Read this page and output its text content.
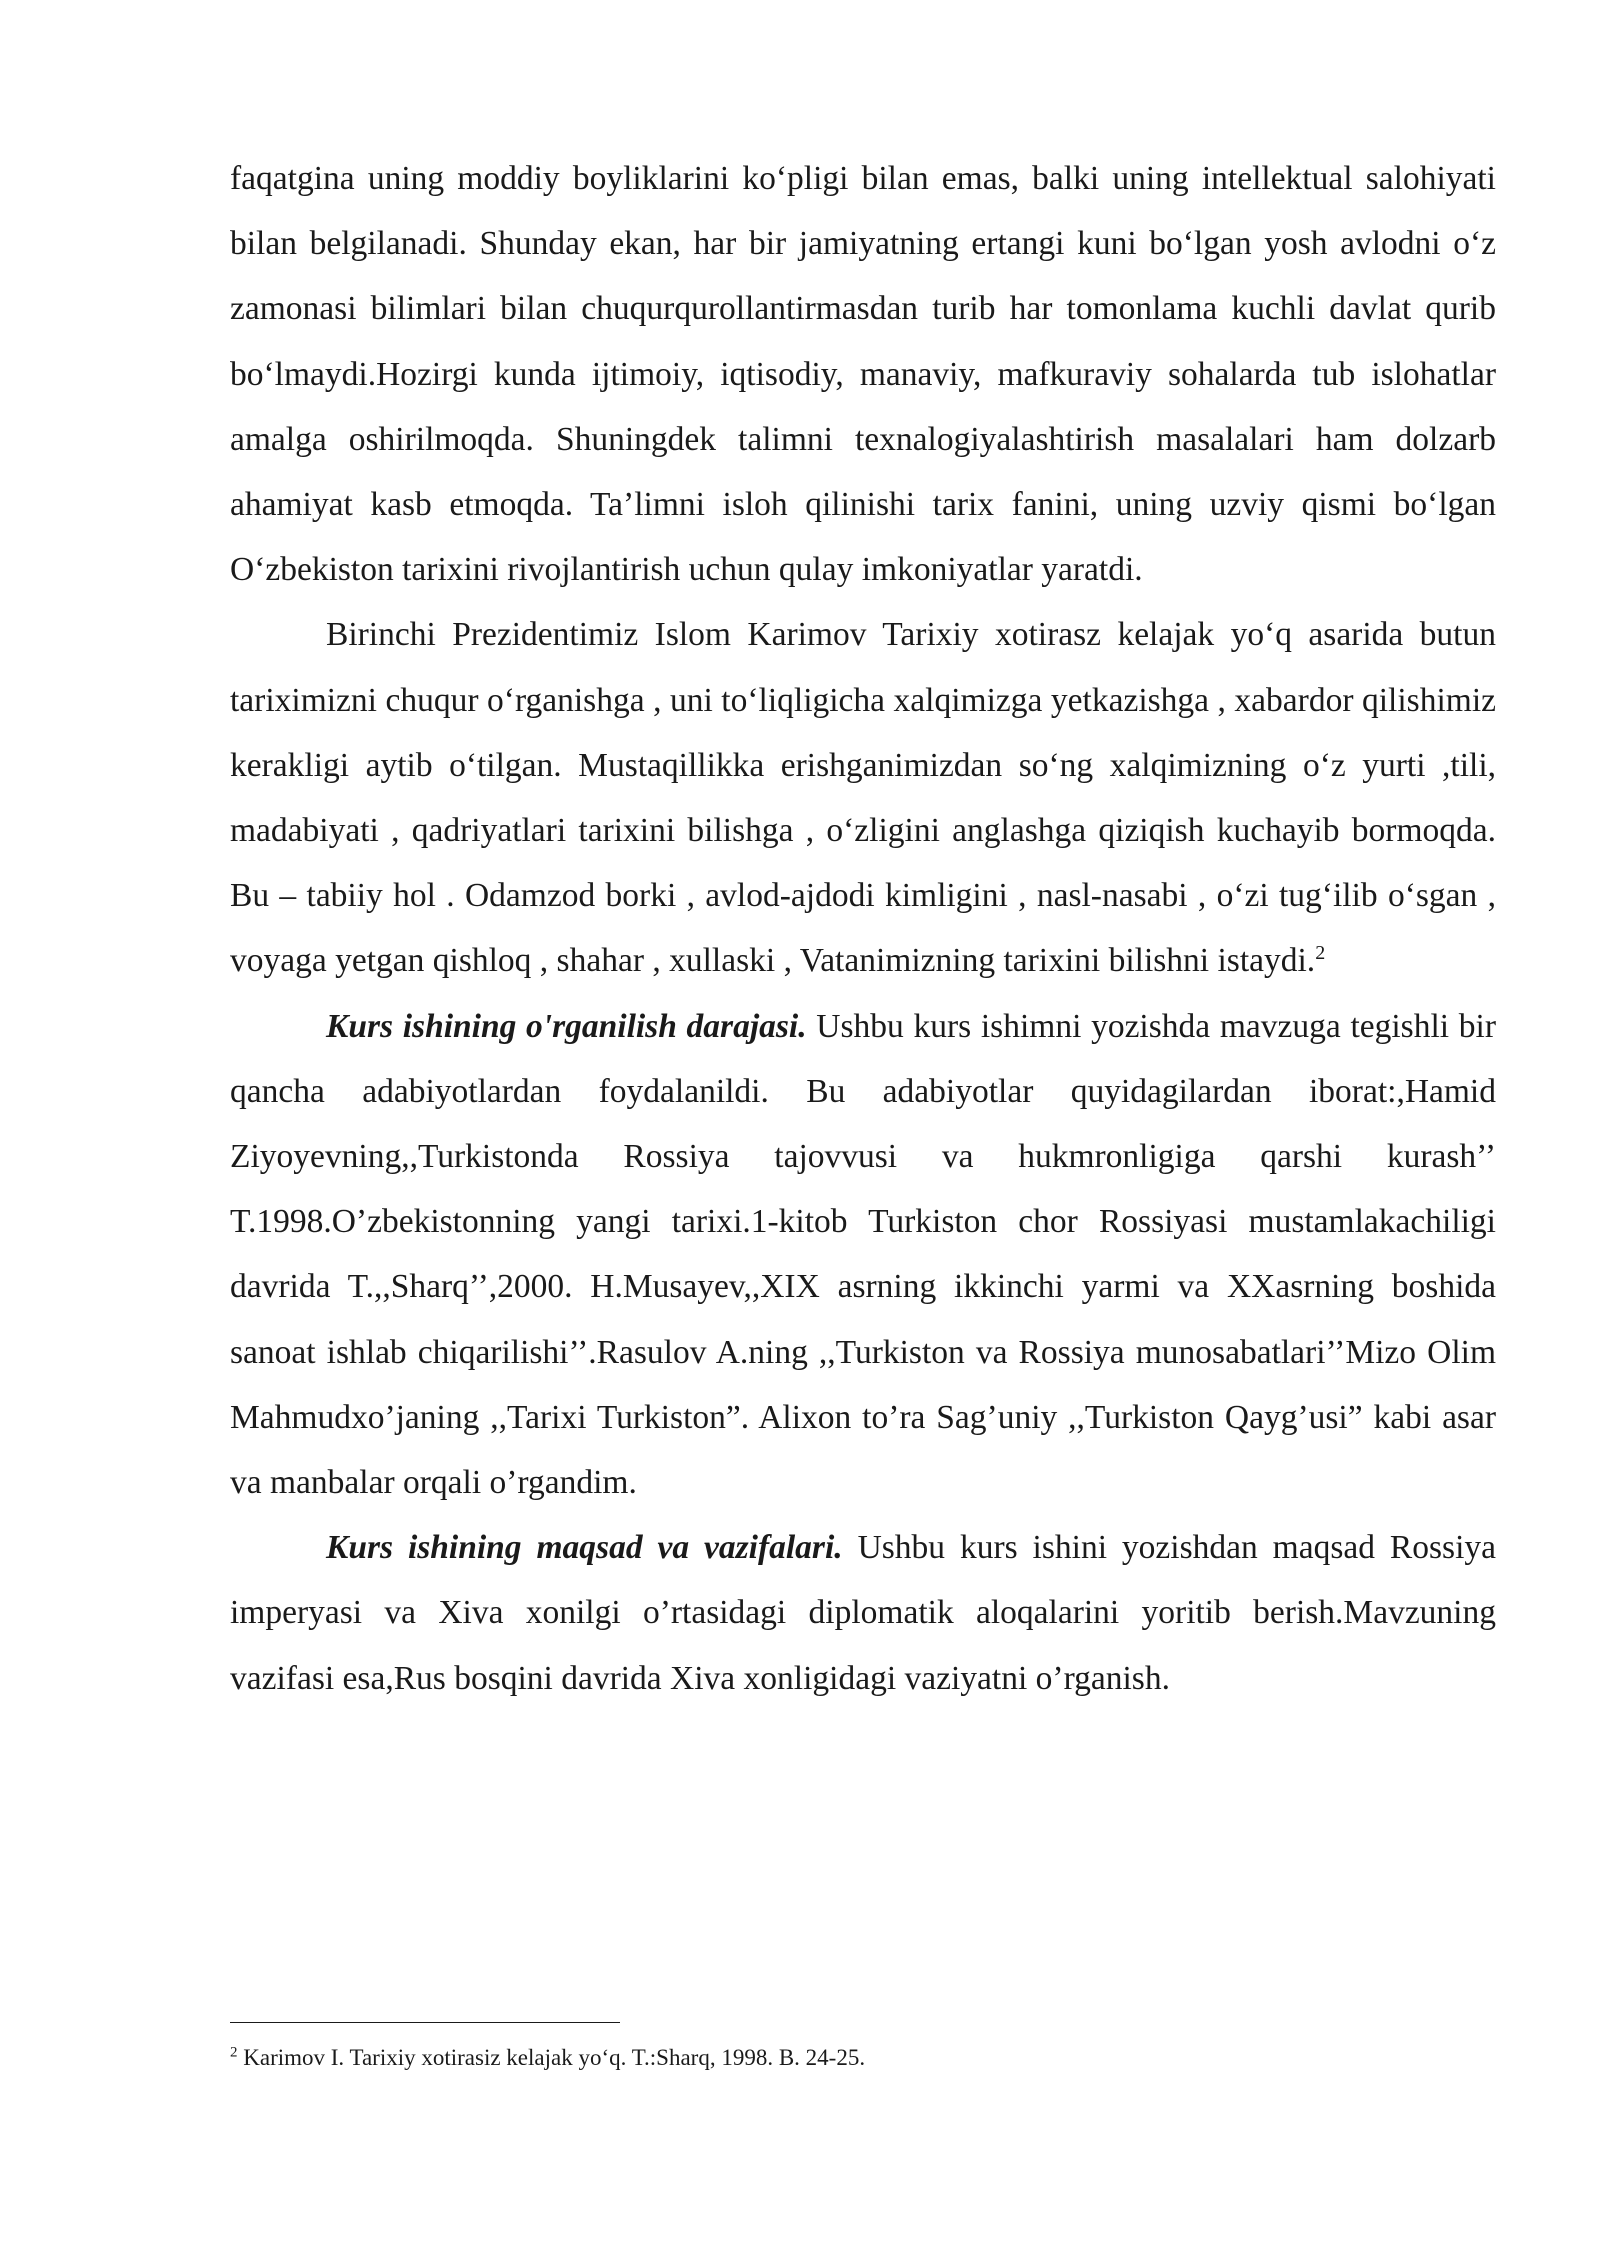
faqatgina uning moddiy boyliklarini ko‘pligi bilan emas, balki uning intellektual salohiyati bilan belgilanadi. Shunday ekan, har bir jamiyatning ertangi kuni bo‘lgan yosh avlodni o‘z zamonasi bilimlari bilan chuqurqurollantirmasdan turib har tomonlama kuchli davlat qurib bo‘lmaydi.Hozirgi kunda ijtimoiy, iqtisodiy, manaviy, mafkuraviy sohalarda tub islohatlar amalga oshirilmoqda. Shuningdek talimni texnalogiyalashtirish masalalari ham dolzarb ahamiyat kasb etmoqda. Ta’limni isloh qilinishi tarix fanini, uning uzviy qismi bo‘lgan O‘zbekiston tarixini rivojlantirish uchun qulay imkoniyatlar yaratdi.

Birinchi Prezidentimiz Islom Karimov Tarixiy xotirasz kelajak yo‘q asarida butun tariximizni chuqur o‘rganishga , uni to‘liqligicha xalqimizga yetkazishga , xabardor qilishimiz kerakligi aytib o‘tilgan. Mustaqillikka erishganimizdan so‘ng xalqimizning o‘z yurti ,tili, madabiyati , qadriyatlari tarixini bilishga , o‘zligini anglashga qiziqish kuchayib bormoqda. Bu – tabiiy hol . Odamzod borki , avlod-ajdodi kimligini , nasl-nasabi , o‘zi tug‘ilib o‘sgan , voyaga yetgan qishloq , shahar , xullaski , Vatanimizning tarixini bilishni istaydi.$^2$

Kurs ishining o'rganilish darajasi. Ushbu kurs ishimni yozishda mavzuga tegishli bir qancha adabiyotlardan foydalanildi. Bu adabiyotlar quyidagilardan iborat:,Hamid Ziyoyevning,,Turkistonda Rossiya tajovvusi va hukmronligiga qarshi kurash’’ T.1998.O’zbekistonning yangi tarixi.1-kitob Turkiston chor Rossiyasi mustamlakachiligi davrida T.,,Sharq’’,2000. H.Musayev,,XIX asrning ikkinchi yarmi va XXasrning boshida sanoat ishlab chiqarilishi’’.Rasulov A.ning ,,Turkiston va Rossiya munosabatlari’’Mizo Olim Mahmudxo’janing ,,Tarixi Turkiston”. Alixon to’ra Sag’uniy ,,Turkiston Qayg’usi” kabi asar va manbalar orqali o’rgandim.

Kurs ishining maqsad va vazifalari. Ushbu kurs ishini yozishdan maqsad Rossiya imperyasi va Xiva xonilgi o’rtasidagi diplomatik aloqalarini yoritib berish.Mavzuning vazifasi esa,Rus bosqini davrida Xiva xonligidagi vaziyatni o’rganish.

$^2$ Karimov I. Tarixiy xotirasiz kelajak yo‘q. T.:Sharq, 1998. B. 24-25.
